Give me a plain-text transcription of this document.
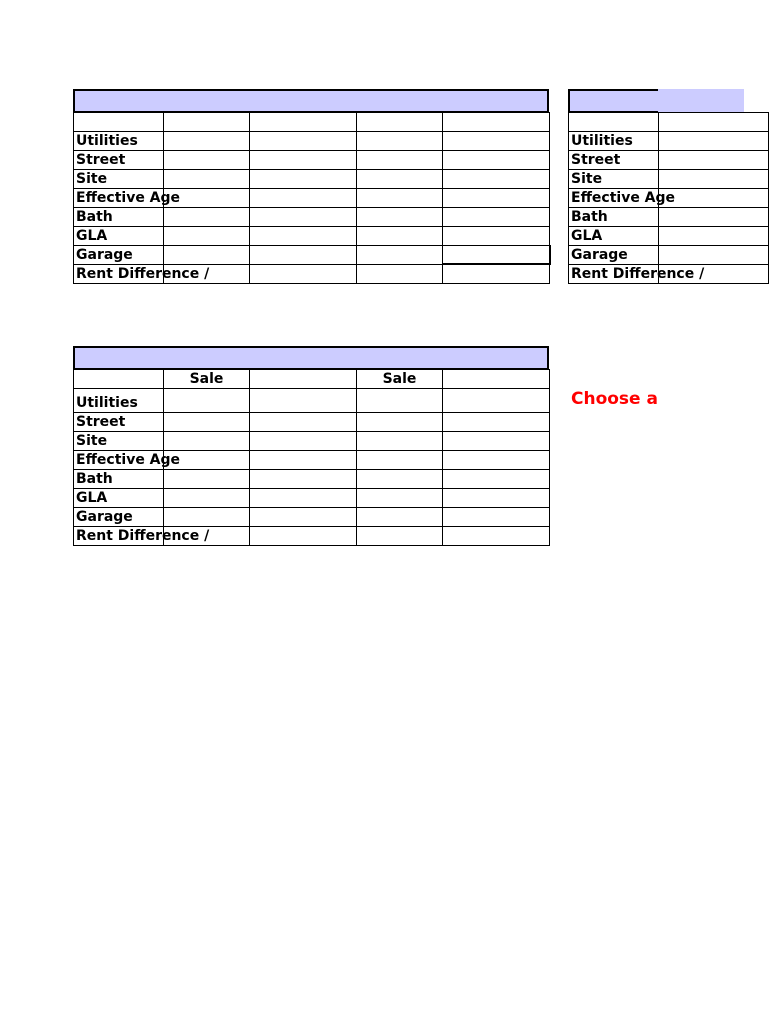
Utilities				
Street				
Site				
Effective Age				
Bath				
GLA				
Garage				
Rent Difference /				

Utilities	
Street	
Site	
Effective Age	
Bath	
GLA	
Garage	
Rent Difference /	
	Sale		Sale	
Utilities				
Street				
Site				
Effective Age				
Bath				
GLA				
Garage				
Rent Difference /				
Choose a
